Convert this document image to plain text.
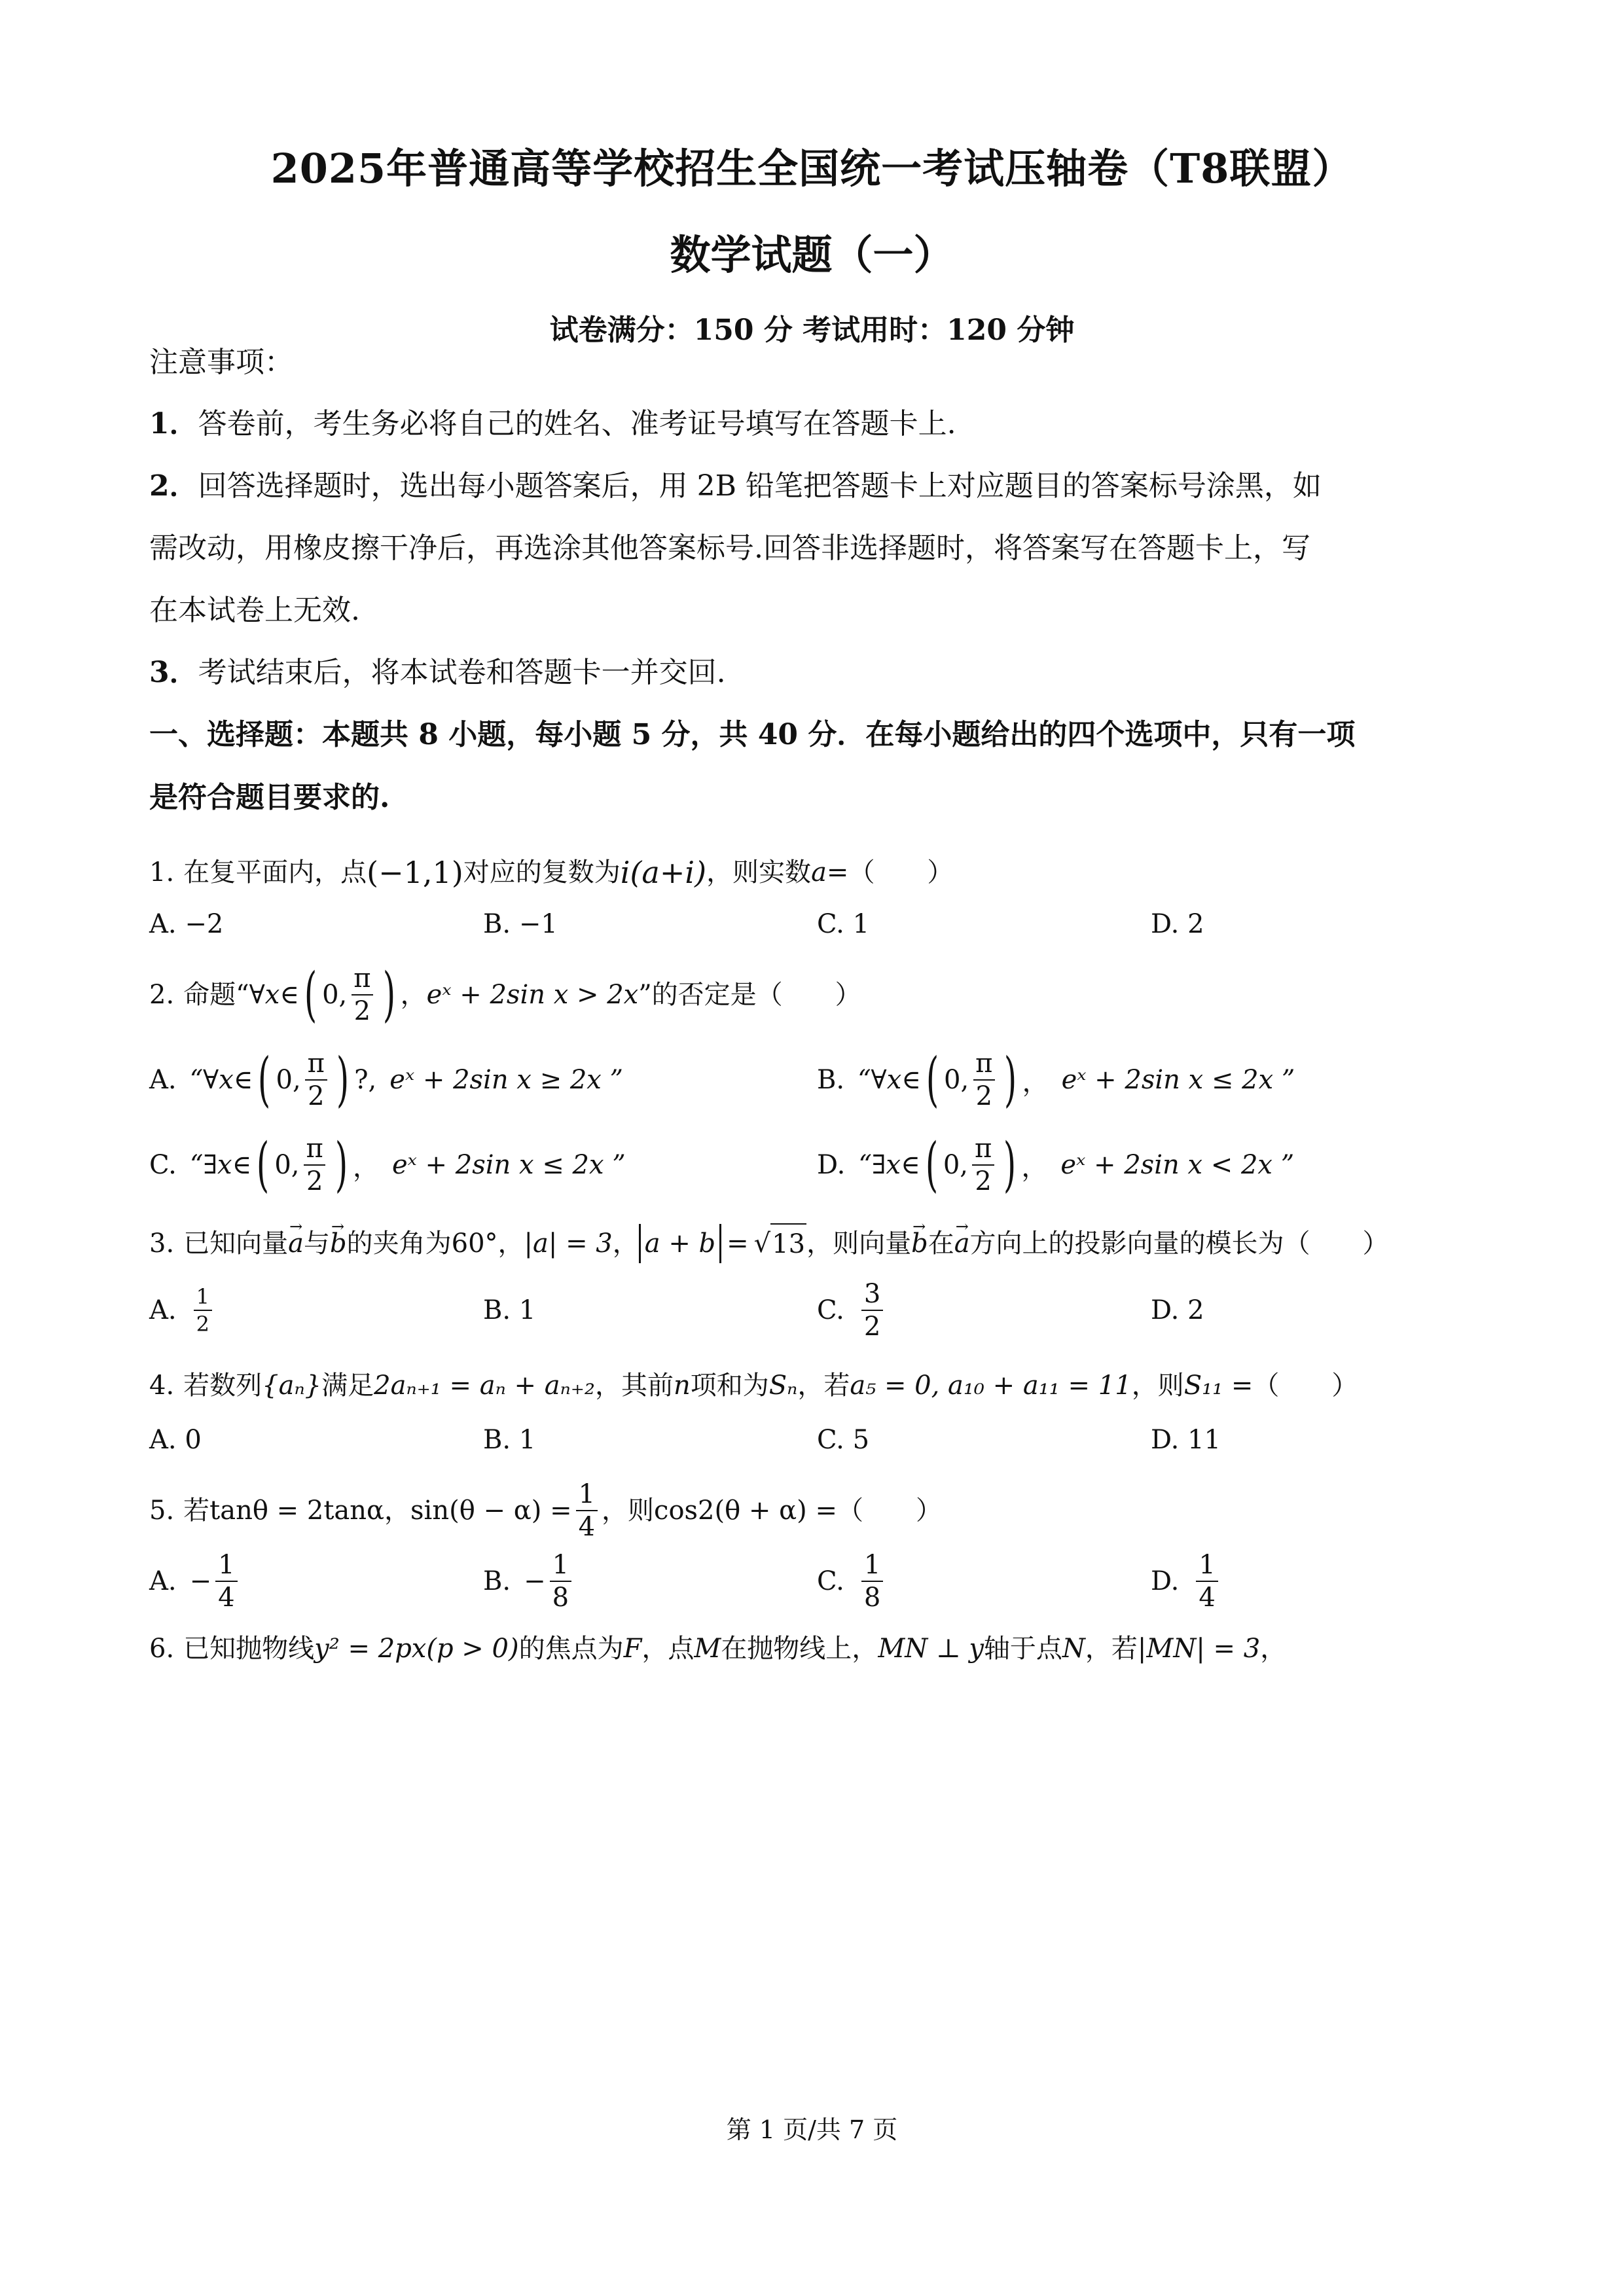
2025年普通高等学校招生全国统一考试压轴卷（T8联盟）
数学试题（一）
试卷满分：150 分 考试用时：120 分钟
注意事项：
1．答卷前，考生务必将自己的姓名、准考证号填写在答题卡上.
2．回答选择题时，选出每小题答案后，用 2B 铅笔把答题卡上对应题目的答案标号涂黑，如
需改动，用橡皮擦干净后，再选涂其他答案标号.回答非选择题时，将答案写在答题卡上，写
在本试卷上无效.
3．考试结束后，将本试卷和答题卡一并交回.
一、选择题：本题共 8 小题，每小题 5 分，共 40 分．在每小题给出的四个选项中，只有一项
是符合题目要求的.
1. 在复平面内，点 (−1,1) 对应的复数为 i(a+i) ，则实数 a =（　　）
A. −2	B. −1	C. 1	D. 2
2. 命题“ ∀x∈ ( 0, $\frac{\pi}{2}$ ) ， eˣ + 2sin x > 2x ”的否定是（　　）
A. “∀x∈ ( 0, $\frac{\pi}{2}$ ) ?, eˣ + 2sin x ≥ 2x ”	B. “∀x∈ ( 0, $\frac{\pi}{2}$ ) ， eˣ + 2sin x ≤ 2x ”
C. “∃x∈ ( 0, $\frac{\pi}{2}$ ) ， eˣ + 2sin x ≤ 2x ”	D. “∃x∈ ( 0, $\frac{\pi}{2}$ ) ， eˣ + 2sin x < 2x ”
3. 已知向量 → a 与 → b 的夹角为 60° ， |a| = 3 ， a + b = √ 13 ，则向量 → b 在 → a 方向上的投影向量的模长为（　　）
A. $\frac{1}{2}$	B. 1	C. $\frac{3}{2}$	D. 2
4. 若数列 {aₙ} 满足 2aₙ₊₁ = aₙ + aₙ₊₂ ，其前 n 项和为 Sₙ ，若 a₅ = 0, a₁₀ + a₁₁ = 11 ，则 S₁₁ = （　　）
A. 0	B. 1	C. 5	D. 11
5. 若 tanθ = 2tanα ， $\sin(\theta - \alpha) = \frac{1}{4}$ ，则 cos2(θ + α) = （　　）
A. − $\frac{1}{4}$	B. − $\frac{1}{8}$	C. $\frac{1}{8}$	D. $\frac{1}{4}$
6. 已知抛物线 y² = 2px(p > 0) 的焦点为 F ，点 M 在抛物线上， MN ⊥ y 轴于点 N ，若 |MN| = 3 ，
第 1 页/共 7 页
